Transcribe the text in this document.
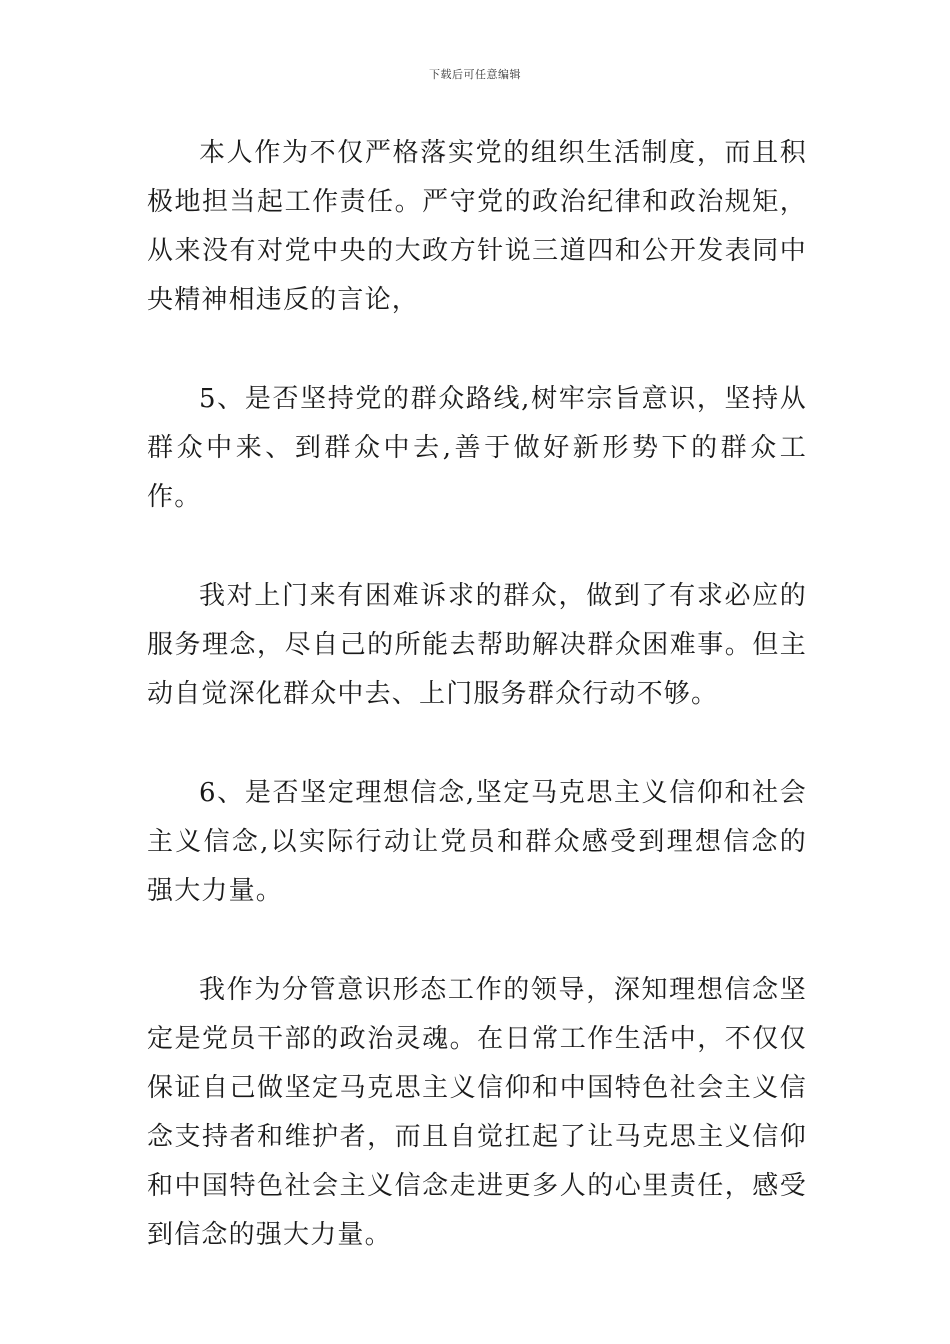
下载后可任意编辑

本人作为不仅严格落实党的组织生活制度，而且积极地担当起工作责任。严守党的政治纪律和政治规矩，从来没有对党中央的大政方针说三道四和公开发表同中央精神相违反的言论，

5、是否坚持党的群众路线,树牢宗旨意识，坚持从群众中来、到群众中去,善于做好新形势下的群众工作。

我对上门来有困难诉求的群众，做到了有求必应的服务理念，尽自己的所能去帮助解决群众困难事。但主动自觉深化群众中去、上门服务群众行动不够。

6、是否坚定理想信念,坚定马克思主义信仰和社会主义信念,以实际行动让党员和群众感受到理想信念的强大力量。

我作为分管意识形态工作的领导，深知理想信念坚定是党员干部的政治灵魂。在日常工作生活中，不仅仅保证自己做坚定马克思主义信仰和中国特色社会主义信念支持者和维护者，而且自觉扛起了让马克思主义信仰和中国特色社会主义信念走进更多人的心里责任，感受到信念的强大力量。
